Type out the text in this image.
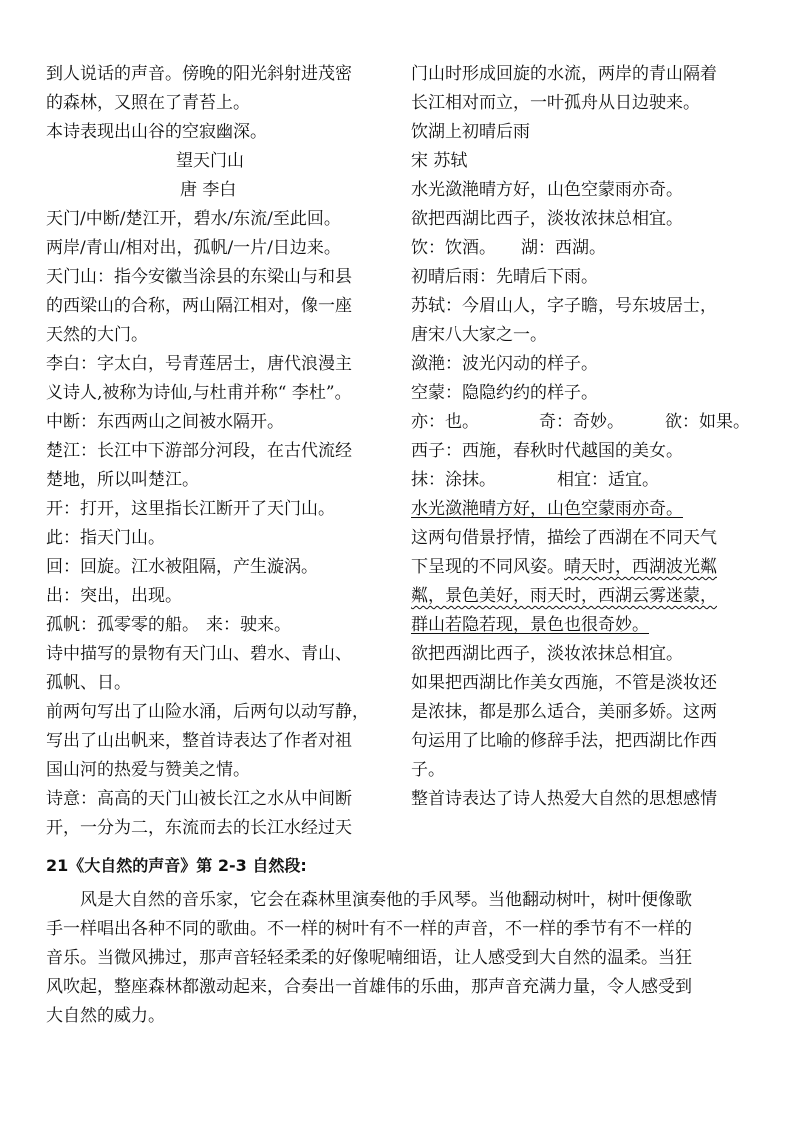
到人说话的声音。傍晚的阳光斜射进茂密
的森林，又照在了青苔上。
本诗表现出山谷的空寂幽深。
望天门山
唐 李白
天门/中断/楚江开，碧水/东流/至此回。
两岸/青山/相对出，孤帆/一片/日边来。
天门山：指今安徽当涂县的东梁山与和县
的西梁山的合称，两山隔江相对，像一座
天然的大门。
李白：字太白，号青莲居士，唐代浪漫主
义诗人,被称为诗仙,与杜甫并称“ 李杜”。
中断：东西两山之间被水隔开。
楚江：长江中下游部分河段，在古代流经
楚地，所以叫楚江。
开：打开，这里指长江断开了天门山。
此：指天门山。
回：回旋。江水被阻隔，产生漩涡。
出：突出，出现。
孤帆：孤零零的船。 来：驶来。
诗中描写的景物有天门山、碧水、青山、
孤帆、日。
前两句写出了山险水涌，后两句以动写静，
写出了山出帆来，整首诗表达了作者对祖
国山河的热爱与赞美之情。
诗意：高高的天门山被长江之水从中间断
开，一分为二，东流而去的长江水经过天
门山时形成回旋的水流，两岸的青山隔着
长江相对而立，一叶孤舟从日边驶来。
饮湖上初晴后雨
宋 苏轼
水光潋滟晴方好，山色空蒙雨亦奇。
欲把西湖比西子，淡妆浓抹总相宜。
饮：饮酒。 湖：西湖。
初晴后雨：先晴后下雨。
苏轼：今眉山人，字子瞻，号东坡居士，
唐宋八大家之一。
潋滟：波光闪动的样子。
空蒙：隐隐约约的样子。
亦：也。	奇：奇妙。 欲：如果。
西子：西施，春秋时代越国的美女。
抹：涂抹。	相宜：适宜。
水光潋滟晴方好，山色空蒙雨亦奇。
这两句借景抒情，描绘了西湖在不同天气
下呈现的不同风姿。晴天时，西湖波光粼
粼，景色美好，雨天时，西湖云雾迷蒙，
群山若隐若现，景色也很奇妙。
欲把西湖比西子，淡妆浓抹总相宜。
如果把西湖比作美女西施，不管是淡妆还
是浓抹，都是那么适合，美丽多娇。这两
句运用了比喻的修辞手法，把西湖比作西
子。
整首诗表达了诗人热爱大自然的思想感情
21《大自然的声音》第 2-3 自然段:
　　风是大自然的音乐家，它会在森林里演奏他的手风琴。当他翻动树叶，树叶便像歌
手一样唱出各种不同的歌曲。不一样的树叶有不一样的声音，不一样的季节有不一样的
音乐。当微风拂过，那声音轻轻柔柔的好像呢喃细语，让人感受到大自然的温柔。当狂
风吹起，整座森林都激动起来，合奏出一首雄伟的乐曲，那声音充满力量，令人感受到
大自然的威力。
